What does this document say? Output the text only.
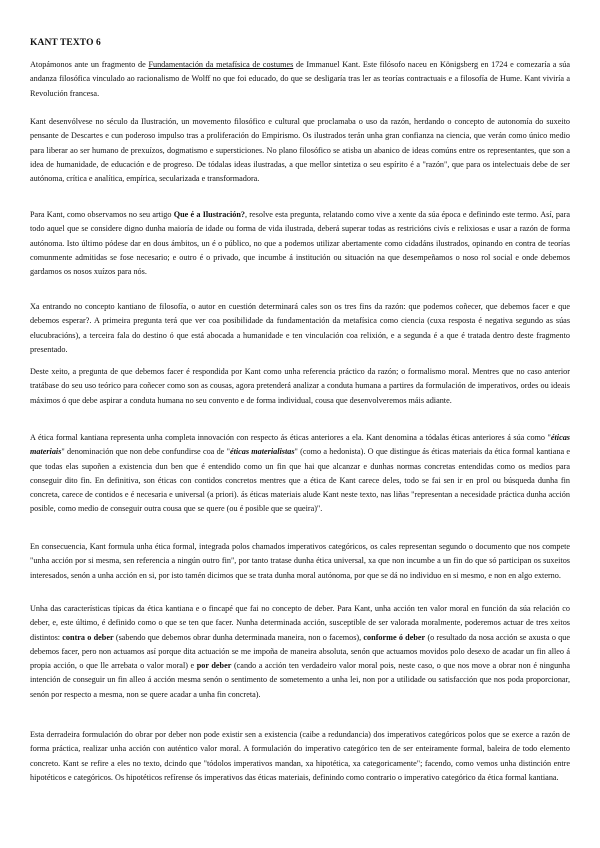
KANT TEXTO 6
Atopámonos ante un fragmento de Fundamentación da metafísica de costumes de Immanuel Kant. Este filósofo naceu en Königsberg en 1724 e comezaría a súa andanza filosófica vinculado ao racionalismo de Wolff no que foi educado, do que se desligaría tras ler as teorías contractuais e a filosofía de Hume. Kant viviría a Revolución francesa.
Kant desenvólvese no século da Ilustración, un movemento filosófico e cultural que proclamaba o uso da razón, herdando o concepto de autonomía do suxeito pensante de Descartes e cun poderoso impulso tras a proliferación do Empirismo. Os ilustrados terán unha gran confianza na ciencia, que verán como único medio para liberar ao ser humano de prexuízos, dogmatismo e supersticiones. No plano filosófico se atisba un abanico de ideas comúns entre os representantes, que son a idea de humanidade, de educación e de progreso. De tódalas ideas ilustradas, a que mellor sintetiza o seu espírito é a "razón", que para os intelectuais debe de ser autónoma, crítica e analítica, empírica, secularizada e transformadora.
Para Kant, como observamos no seu artigo Que é a Ilustración?, resolve esta pregunta, relatando como vive a xente da súa época e definindo este termo. Así, para todo aquel que se considere digno dunha maioría de idade ou forma de vida ilustrada, deberá superar todas as restricións civís e relixiosas e usar a razón de forma autónoma. Isto último pódese dar en dous ámbitos, un é o público, no que a podemos utilizar abertamente como cidadáns ilustrados, opinando en contra de teorías comunmente admitidas se fose necesario; e outro é o privado, que incumbe á institución ou situación na que desempeñamos o noso rol social e onde debemos gardamos os nosos xuízos para nós.
Xa entrando no concepto kantiano de filosofía, o autor en cuestión determinará cales son os tres fins da razón: que podemos coñecer, que debemos facer e que debemos esperar?. A primeira pregunta terá que ver coa posibilidade da fundamentación da metafísica como ciencia (cuxa resposta é negativa segundo as súas elucubracións), a terceira fala do destino ó que está abocada a humanidade e ten vinculación coa relixión, e a segunda é a que é tratada dentro deste fragmento presentado.
Deste xeito, a pregunta de que debemos facer é respondida por Kant como unha referencia práctico da razón; o formalismo moral. Mentres que no caso anterior tratábase do seu uso teórico para coñecer como son as cousas, agora pretenderá analizar a conduta humana a partires da formulación de imperativos, ordes ou ideais máximos ó que debe aspirar a conduta humana no seu convento e de forma individual, cousa que desenvolveremos máis adiante.
A ética formal kantiana representa unha completa innovación con respecto ás éticas anteriores a ela. Kant denomina a tódalas éticas anteriores á súa como "éticas materiais" denominación que non debe confundirse coa de "éticas materialistas" (como a hedonista). O que distingue ás éticas materiais da ética formal kantiana e que todas elas supoñen a existencia dun ben que é entendido como un fin que hai que alcanzar e dunhas normas concretas entendidas como os medios para conseguir dito fin. En definitiva, son éticas con contidos concretos mentres que a ética de Kant carece deles, todo se fai sen ir en prol ou búsqueda dunha fin concreta, carece de contidos e é necesaria e universal (a priori). ás éticas materiais alude Kant neste texto, nas liñas "representan a necesidade práctica dunha acción posible, como medio de conseguir outra cousa que se quere (ou é posible que se queira)".
En consecuencia, Kant formula unha ética formal, integrada polos chamados imperativos categóricos, os cales representan segundo o documento que nos compete "unha acción por si mesma, sen referencia a ningún outro fin", por tanto tratase dunha ética universal, xa que non incumbe a un fin do que só participan os suxeitos interesados, senón a unha acción en si, por isto tamén dicimos que se trata dunha moral autónoma, por que se dá no individuo en si mesmo, e non en algo externo.
Unha das características típicas da ética kantiana e o fincapé que fai no concepto de deber. Para Kant, unha acción ten valor moral en función da súa relación co deber, e, este último, é definido como o que se ten que facer. Nunha determinada acción, susceptible de ser valorada moralmente, poderemos actuar de tres xeitos distintos: contra o deber (sabendo que debemos obrar dunha determinada maneira, non o facemos), conforme ó deber (o resultado da nosa acción se axusta o que debemos facer, pero non actuamos así porque dita actuación se me impoña de maneira absoluta, senón que actuamos movidos polo desexo de acadar un fin alleo á propia acción, o que lle arrebata o valor moral) e por deber (cando a acción ten verdadeiro valor moral pois, neste caso, o que nos move a obrar non é ningunha intención de conseguir un fin alleo á acción mesma senón o sentimento de sometemento a unha lei, non por a utilidade ou satisfacción que nos poda proporcionar, senón por respecto a mesma, non se quere acadar a unha fin concreta).
Esta derradeira formulación do obrar por deber non pode existir sen a existencia (caibe a redundancia) dos imperativos categóricos polos que se exerce a razón de forma práctica, realizar unha acción con auténtico valor moral. A formulación do imperativo categórico ten de ser enteiramente formal, baleira de todo elemento concreto. Kant se refire a eles no texto, dcindo que "tódolos imperativos mandan, xa hipotética, xa categoricamente"; facendo, como vemos unha distinción entre hipotéticos e categóricos. Os hipotéticos refírense ós imperativos das éticas materiais, definindo como contrario o imperativo categórico da ética formal kantiana.
